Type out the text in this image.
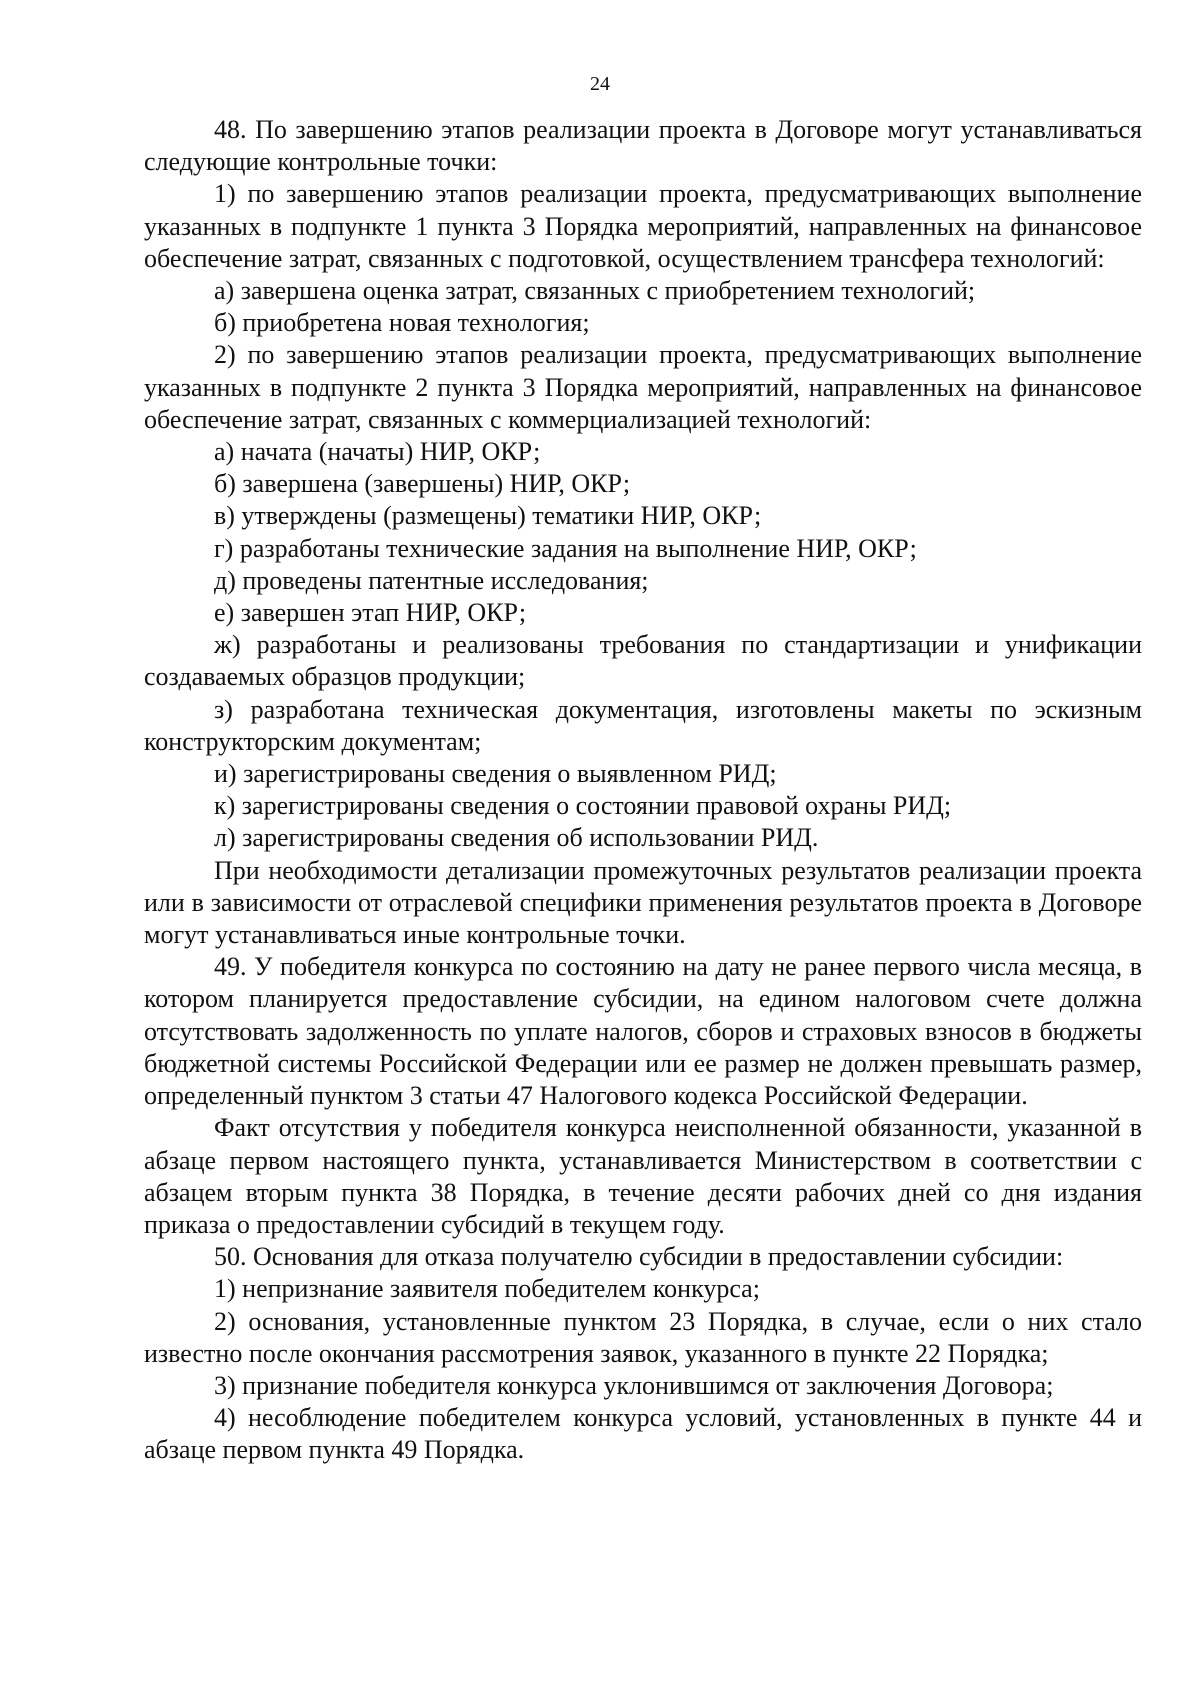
24

48. По завершению этапов реализации проекта в Договоре могут устанавливаться следующие контрольные точки:

1) по завершению этапов реализации проекта, предусматривающих выполнение указанных в подпункте 1 пункта 3 Порядка мероприятий, направленных на финансовое обеспечение затрат, связанных с подготовкой, осуществлением трансфера технологий:

а) завершена оценка затрат, связанных с приобретением технологий;

б) приобретена новая технология;

2) по завершению этапов реализации проекта, предусматривающих выполнение указанных в подпункте 2 пункта 3 Порядка мероприятий, направленных на финансовое обеспечение затрат, связанных с коммерциализацией технологий:

а) начата (начаты) НИР, ОКР;

б) завершена (завершены) НИР, ОКР;

в) утверждены (размещены) тематики НИР, ОКР;

г) разработаны технические задания на выполнение НИР, ОКР;

д) проведены патентные исследования;

е) завершен этап НИР, ОКР;

ж) разработаны и реализованы требования по стандартизации и унификации создаваемых образцов продукции;

з) разработана техническая документация, изготовлены макеты по эскизным конструкторским документам;

и) зарегистрированы сведения о выявленном РИД;

к) зарегистрированы сведения о состоянии правовой охраны РИД;

л) зарегистрированы сведения об использовании РИД.

При необходимости детализации промежуточных результатов реализации проекта или в зависимости от отраслевой специфики применения результатов проекта в Договоре могут устанавливаться иные контрольные точки.

49. У победителя конкурса по состоянию на дату не ранее первого числа месяца, в котором планируется предоставление субсидии, на едином налоговом счете должна отсутствовать задолженность по уплате налогов, сборов и страховых взносов в бюджеты бюджетной системы Российской Федерации или ее размер не должен превышать размер, определенный пунктом 3 статьи 47 Налогового кодекса Российской Федерации.

Факт отсутствия у победителя конкурса неисполненной обязанности, указанной в абзаце первом настоящего пункта, устанавливается Министерством в соответствии с абзацем вторым пункта 38 Порядка, в течение десяти рабочих дней со дня издания приказа о предоставлении субсидий в текущем году.

50. Основания для отказа получателю субсидии в предоставлении субсидии:

1) непризнание заявителя победителем конкурса;

2) основания, установленные пунктом 23 Порядка, в случае, если о них стало известно после окончания рассмотрения заявок, указанного в пункте 22 Порядка;

3) признание победителя конкурса уклонившимся от заключения Договора;

4) несоблюдение победителем конкурса условий, установленных в пункте 44 и абзаце первом пункта 49 Порядка.
